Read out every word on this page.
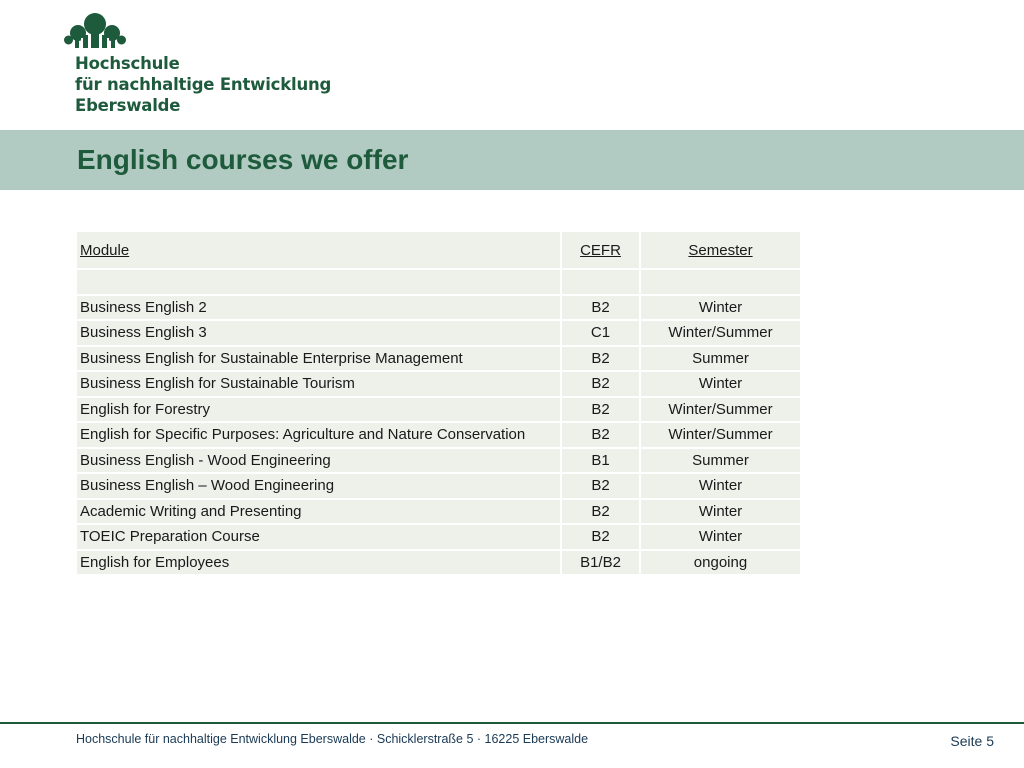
Hochschule
für nachhaltige Entwicklung
Eberswalde
English courses we offer
Module	CEFR	Semester

Business English 2	B2	Winter
Business English 3	C1	Winter/Summer
Business English for Sustainable Enterprise Management	B2	Summer
Business English for Sustainable Tourism	B2	Winter
English for Forestry	B2	Winter/Summer
English for Specific Purposes: Agriculture and Nature Conservation	B2	Winter/Summer
Business English - Wood Engineering	B1	Summer
Business English – Wood Engineering	B2	Winter
Academic Writing and Presenting	B2	Winter
TOEIC Preparation Course	B2	Winter
English for Employees	B1/B2	ongoing
Hochschule für nachhaltige Entwicklung Eberswalde · Schicklerstraße 5 · 16225 Eberswalde	Seite 5
